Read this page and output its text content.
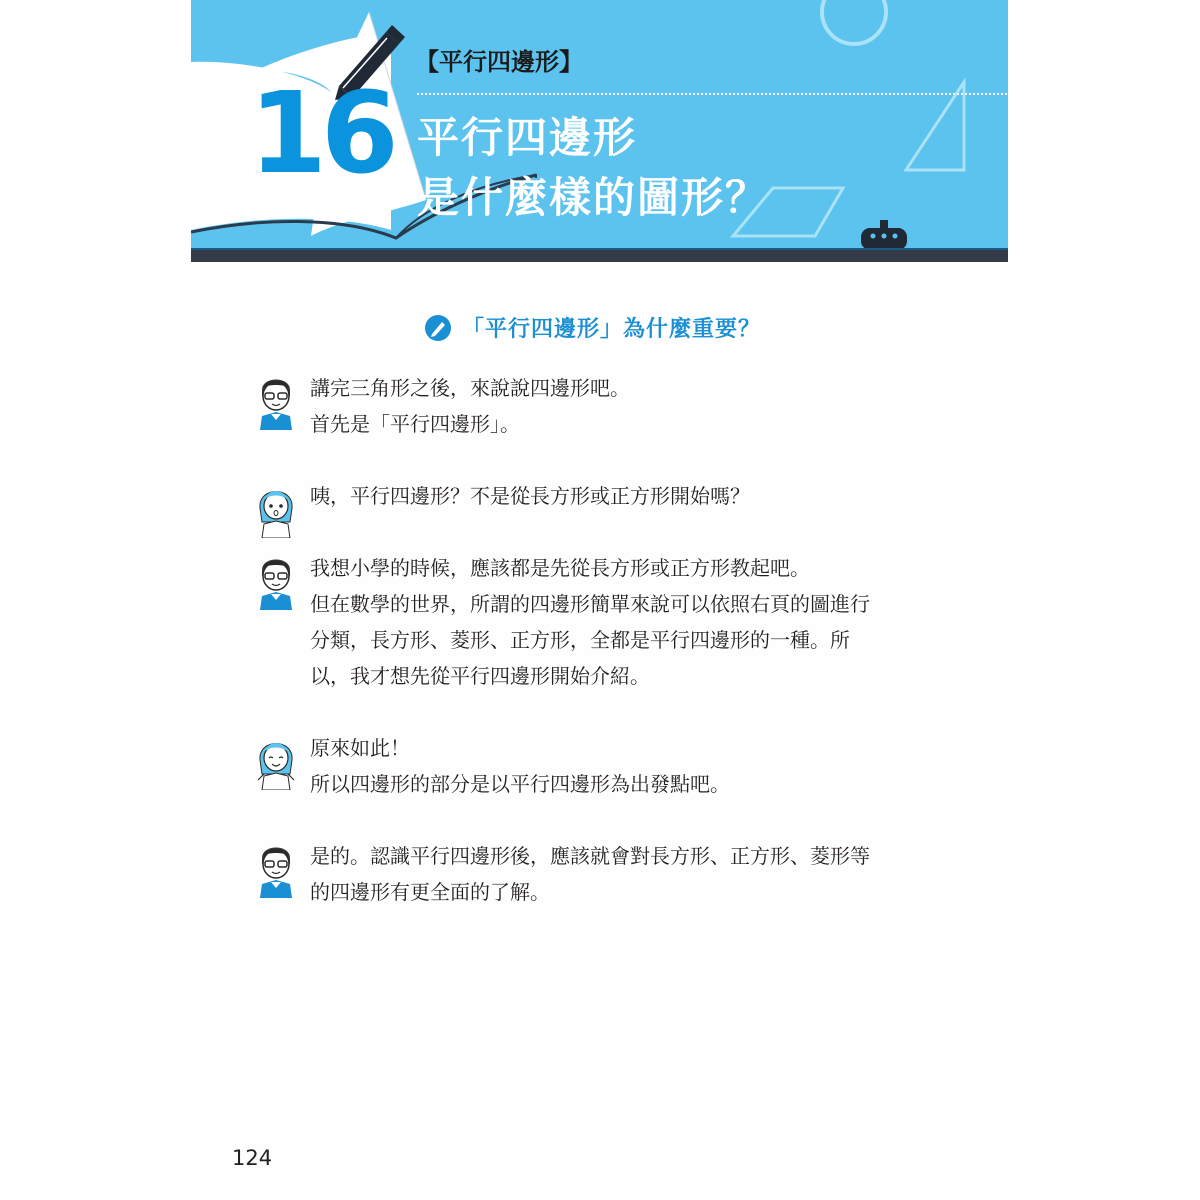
16
【平行四邊形】
平行四邊形
是什麼樣的圖形？
「平行四邊形」為什麼重要？
講完三角形之後，來說說四邊形吧。
首先是「平行四邊形」。
咦，平行四邊形？不是從長方形或正方形開始嗎？
我想小學的時候，應該都是先從長方形或正方形教起吧。
但在數學的世界，所謂的四邊形簡單來說可以依照右頁的圖進行
分類，長方形、菱形、正方形，全都是平行四邊形的一種。所
以，我才想先從平行四邊形開始介紹。
原來如此！
所以四邊形的部分是以平行四邊形為出發點吧。
是的。認識平行四邊形後，應該就會對長方形、正方形、菱形等
的四邊形有更全面的了解。
124
